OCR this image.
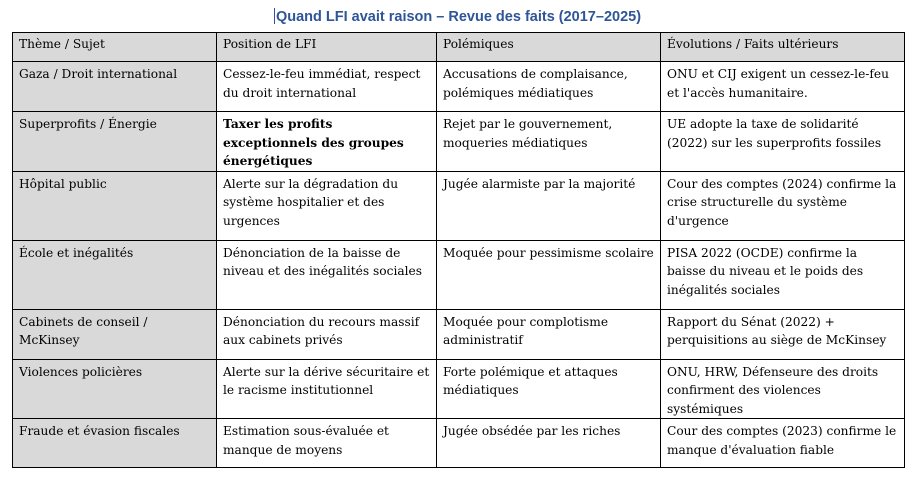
Quand LFI avait raison – Revue des faits (2017–2025)
Thème / Sujet	Position de LFI	Polémiques	Évolutions / Faits ultérieurs
Gaza / Droit international	Cessez-le-feu immédiat, respect du droit international	Accusations de complaisance, polémiques médiatiques	ONU et CIJ exigent un cessez-le-feu et l'accès humanitaire.
Superprofits / Énergie	Taxer les profits exceptionnels des groupes énergétiques	Rejet par le gouvernement, moqueries médiatiques	UE adopte la taxe de solidarité (2022) sur les superprofits fossiles
Hôpital public	Alerte sur la dégradation du système hospitalier et des urgences	Jugée alarmiste par la majorité	Cour des comptes (2024) confirme la crise structurelle du système d'urgence
École et inégalités	Dénonciation de la baisse de niveau et des inégalités sociales	Moquée pour pessimisme scolaire	PISA 2022 (OCDE) confirme la baisse du niveau et le poids des inégalités sociales
Cabinets de conseil / McKinsey	Dénonciation du recours massif aux cabinets privés	Moquée pour complotisme administratif	Rapport du Sénat (2022) + perquisitions au siège de McKinsey
Violences policières	Alerte sur la dérive sécuritaire et le racisme institutionnel	Forte polémique et attaques médiatiques	ONU, HRW, Défenseure des droits confirment des violences systémiques
Fraude et évasion fiscales	Estimation sous-évaluée et manque de moyens	Jugée obsédée par les riches	Cour des comptes (2023) confirme le manque d'évaluation fiable
